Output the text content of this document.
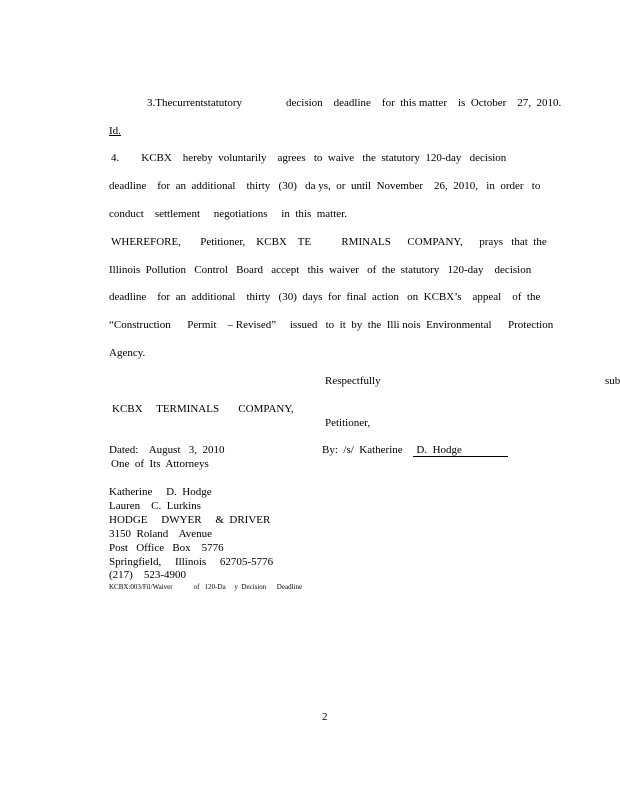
3.Thecurrentstatutory	decision    deadline    for  this matter    is  October    27,  2010.
Id.
4.        KCBX    hereby  voluntarily    agrees   to  waive   the  statutory  120-day   decision
deadline    for  an  additional    thirty   (30)   da ys,  or  until  November    26,  2010,   in  order   to
conduct    settlement     negotiations     in  this  matter.
WHEREFORE,       Petitioner,    KCBX    TE           RMINALS      COMPANY,      prays   that  the
Illinois  Pollution   Control   Board   accept   this  waiver   of  the  statutory   120-day    decision
deadline    for  an  additional    thirty   (30)  days  for  final  action   on  KCBX’s    appeal    of  the
“Construction      Permit    – Revised”     issued   to  it  by  the  Illi nois  Environmental      Protection
Agency.
Respectfully	sub
KCBX     TERMINALS       COMPANY,
Petitioner,
Dated:    August   3,  2010	By:  /s/  Katherine     D.  Hodge
One  of  Its  Attorneys
Katherine     D.  Hodge
Lauren    C.  Lurkins
HODGE     DWYER     &  DRIVER
3150  Roland    Avenue
Post   Office   Box    5776
Springfield,     Illinois     62705-5776
(217)    523-4900
KCBX:003/Fil/Waiver            of   120-Da     y  Decision      Deadline
2
